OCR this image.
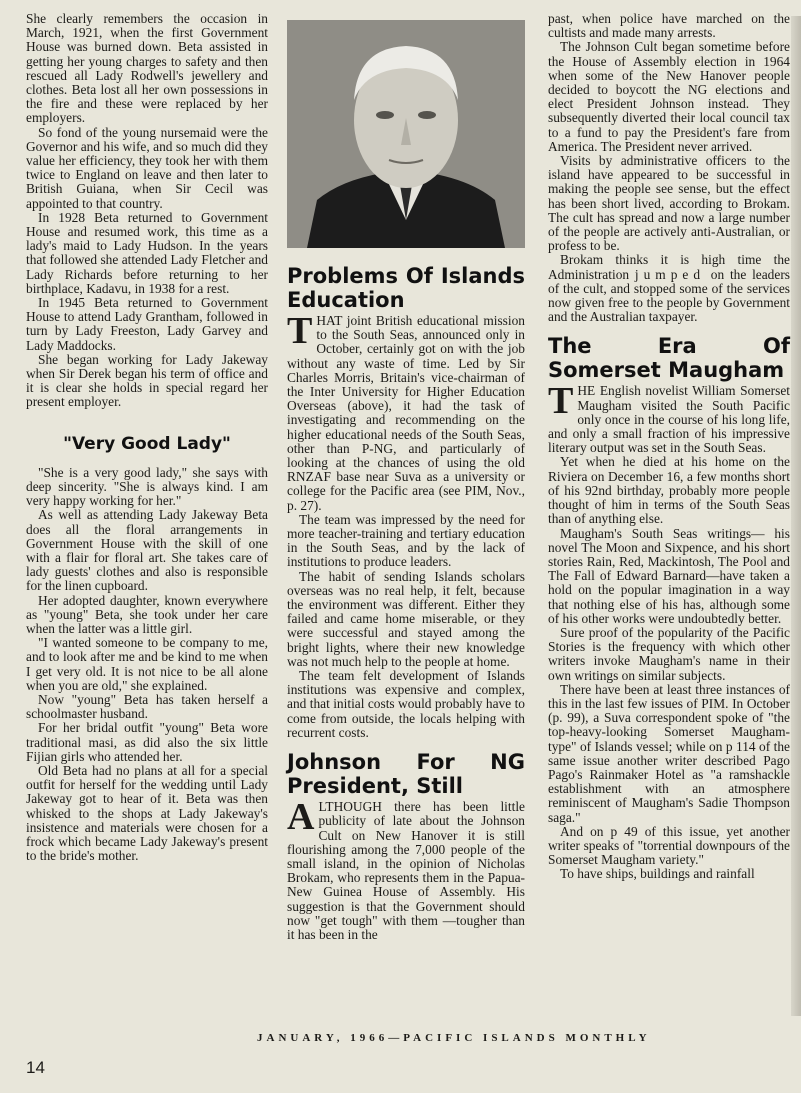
She clearly remembers the occasion in March, 1921, when the first Government House was burned down. Beta assisted in getting her young charges to safety and then rescued all Lady Rodwell's jewellery and clothes. Beta lost all her own possessions in the fire and these were replaced by her employers.

So fond of the young nursemaid were the Governor and his wife, and so much did they value her efficiency, they took her with them twice to England on leave and then later to British Guiana, when Sir Cecil was appointed to that country.

In 1928 Beta returned to Government House and resumed work, this time as a lady's maid to Lady Hudson. In the years that followed she attended Lady Fletcher and Lady Richards before returning to her birthplace, Kadavu, in 1938 for a rest.

In 1945 Beta returned to Government House to attend Lady Grantham, followed in turn by Lady Freeston, Lady Garvey and Lady Maddocks.

She began working for Lady Jakeway when Sir Derek began his term of office and it is clear she holds in special regard her present employer.

"Very Good Lady"

"She is a very good lady," she says with deep sincerity. "She is always kind. I am very happy working for her."

As well as attending Lady Jakeway Beta does all the floral arrangements in Government House with the skill of one with a flair for floral art. She takes care of lady guests' clothes and also is responsible for the linen cupboard.

Her adopted daughter, known everywhere as "young" Beta, she took under her care when the latter was a little girl.

"I wanted someone to be company to me, and to look after me and be kind to me when I get very old. It is not nice to be all alone when you are old," she explained.

Now "young" Beta has taken herself a schoolmaster husband.

For her bridal outfit "young" Beta wore traditional masi, as did also the six little Fijian girls who attended her.

Old Beta had no plans at all for a special outfit for herself for the wedding until Lady Jakeway got to hear of it. Beta was then whisked to the shops at Lady Jakeway's insistence and materials were chosen for a frock which became Lady Jakeway's present to the bride's mother.

Problems Of Islands Education

THAT joint British educational mission to the South Seas, announced only in October, certainly got on with the job without any waste of time. Led by Sir Charles Morris, Britain's vice-chairman of the Inter University for Higher Education Overseas (above), it had the task of investigating and recommending on the higher educational needs of the South Seas, other than P-NG, and particularly of looking at the chances of using the old RNZAF base near Suva as a university or college for the Pacific area (see PIM, Nov., p. 27).

The team was impressed by the need for more teacher-training and tertiary education in the South Seas, and by the lack of institutions to produce leaders.

The habit of sending Islands scholars overseas was no real help, it felt, because the environment was different. Either they failed and came home miserable, or they were successful and stayed among the bright lights, where their new knowledge was not much help to the people at home.

The team felt development of Islands institutions was expensive and complex, and that initial costs would probably have to come from outside, the locals helping with recurrent costs.

Johnson For NG President, Still

ALTHOUGH there has been little publicity of late about the Johnson Cult on New Hanover it is still flourishing among the 7,000 people of the small island, in the opinion of Nicholas Brokam, who represents them in the Papua-New Guinea House of Assembly. His suggestion is that the Government should now "get tough" with them —tougher than it has been in the

past, when police have marched on the cultists and made many arrests.

The Johnson Cult began sometime before the House of Assembly election in 1964 when some of the New Hanover people decided to boycott the NG elections and elect President Johnson instead. They subsequently diverted their local council tax to a fund to pay the President's fare from America. The President never arrived.

Visits by administrative officers to the island have appeared to be successful in making the people see sense, but the effect has been short lived, according to Brokam. The cult has spread and now a large number of the people are actively anti-Australian, or profess to be.

Brokam thinks it is high time the Administration jumped on the leaders of the cult, and stopped some of the services now given free to the people by Government and the Australian taxpayer.

The Era Of Somerset Maugham

THE English novelist William Somerset Maugham visited the South Pacific only once in the course of his long life, and only a small fraction of his impressive literary output was set in the South Seas.

Yet when he died at his home on the Riviera on December 16, a few months short of his 92nd birthday, probably more people thought of him in terms of the South Seas than of anything else.

Maugham's South Seas writings— his novel The Moon and Sixpence, and his short stories Rain, Red, Mackintosh, The Pool and The Fall of Edward Barnard—have taken a hold on the popular imagination in a way that nothing else of his has, although some of his other works were undoubtedly better.

Sure proof of the popularity of the Pacific Stories is the frequency with which other writers invoke Maugham's name in their own writings on similar subjects.

There have been at least three instances of this in the last few issues of PIM. In October (p. 99), a Suva correspondent spoke of "the top-heavy-looking Somerset Maugham-type" of Islands vessel; while on p 114 of the same issue another writer described Pago Pago's Rainmaker Hotel as "a ramshackle establishment with an atmosphere reminiscent of Maugham's Sadie Thompson saga."

And on p 49 of this issue, yet another writer speaks of "torrential downpours of the Somerset Maugham variety."

To have ships, buildings and rainfall

JANUARY, 1966—PACIFIC ISLANDS MONTHLY
14
